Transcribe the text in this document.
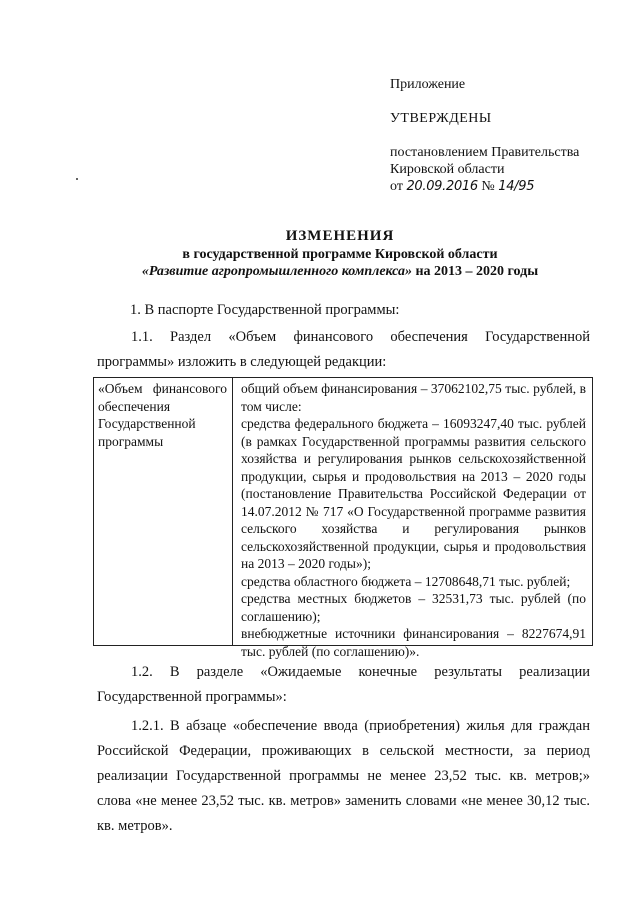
Приложение
УТВЕРЖДЕНЫ
постановлением Правительства
Кировской области
от 20.09.2016 № 14/95
ИЗМЕНЕНИЯ
в государственной программе Кировской области
«Развитие агропромышленного комплекса» на 2013 – 2020 годы
1. В паспорте Государственной программы:
1.1. Раздел «Объем финансового обеспечения Государственной программы» изложить в следующей редакции:
«Объем финансового обеспечения Государственной программы
общий объем финансирования – 37062102,75 тыс. рублей, в том числе:
средства федерального бюджета – 16093247,40 тыс. рублей (в рамках Государственной программы развития сельского хозяйства и регулирования рынков сельскохозяйственной продукции, сырья и продовольствия на 2013 – 2020 годы (постановление Правительства Российской Федерации от 14.07.2012 № 717 «О Государственной программе развития сельского хозяйства и регулирования рынков сельскохозяйственной продукции, сырья и продовольствия на 2013 – 2020 годы»);
средства областного бюджета – 12708648,71 тыс. рублей;
средства местных бюджетов – 32531,73 тыс. рублей (по соглашению);
внебюджетные источники финансирования – 8227674,91 тыс. рублей (по соглашению)».
1.2. В разделе «Ожидаемые конечные результаты реализации Государственной программы»:
1.2.1. В абзаце «обеспечение ввода (приобретения) жилья для граждан Российской Федерации, проживающих в сельской местности, за период реализации Государственной программы не менее 23,52 тыс. кв. метров;» слова «не менее 23,52 тыс. кв. метров» заменить словами «не менее 30,12 тыс. кв. метров».
